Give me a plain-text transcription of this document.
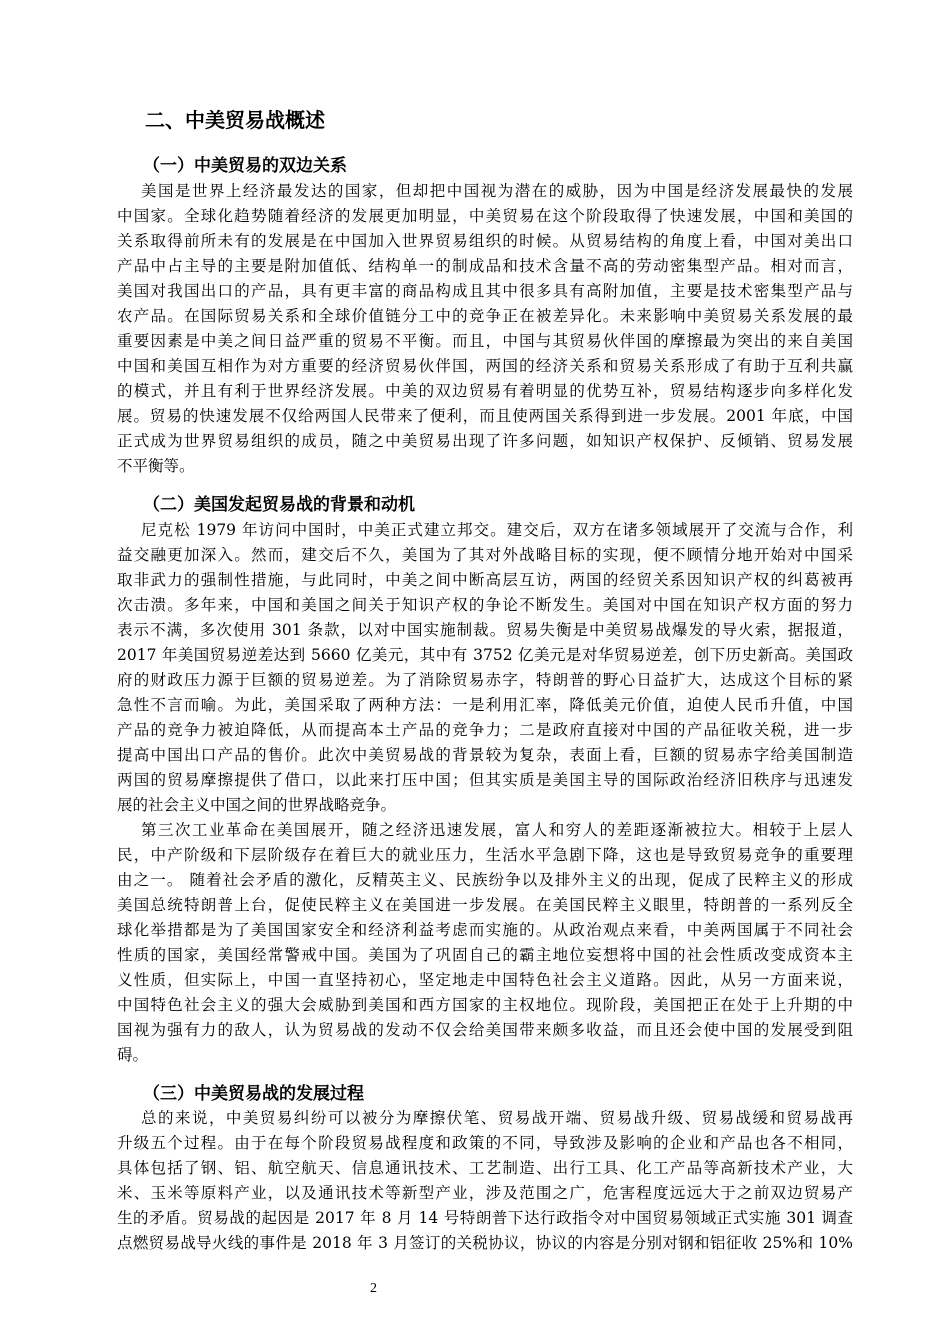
二、中美贸易战概述
（一）中美贸易的双边关系
美国是世界上经济最发达的国家，但却把中国视为潜在的威胁，因为中国是经济发展最快的发展
中国家。全球化趋势随着经济的发展更加明显，中美贸易在这个阶段取得了快速发展，中国和美国的
关系取得前所未有的发展是在中国加入世界贸易组织的时候。从贸易结构的角度上看，中国对美出口
产品中占主导的主要是附加值低、结构单一的制成品和技术含量不高的劳动密集型产品。相对而言，
美国对我国出口的产品，具有更丰富的商品构成且其中很多具有高附加值，主要是技术密集型产品与
农产品。在国际贸易关系和全球价值链分工中的竞争正在被差异化。未来影响中美贸易关系发展的最
重要因素是中美之间日益严重的贸易不平衡。而且，中国与其贸易伙伴国的摩擦最为突出的来自美国
中国和美国互相作为对方重要的经济贸易伙伴国，两国的经济关系和贸易关系形成了有助于互利共赢
的模式，并且有利于世界经济发展。中美的双边贸易有着明显的优势互补，贸易结构逐步向多样化发
展。贸易的快速发展不仅给两国人民带来了便利，而且使两国关系得到进一步发展。2001 年底，中国
正式成为世界贸易组织的成员，随之中美贸易出现了许多问题，如知识产权保护、反倾销、贸易发展
不平衡等。
（二）美国发起贸易战的背景和动机
尼克松 1979 年访问中国时，中美正式建立邦交。建交后，双方在诸多领域展开了交流与合作，利
益交融更加深入。然而，建交后不久，美国为了其对外战略目标的实现，便不顾情分地开始对中国采
取非武力的强制性措施，与此同时，中美之间中断高层互访，两国的经贸关系因知识产权的纠葛被再
次击溃。多年来，中国和美国之间关于知识产权的争论不断发生。美国对中国在知识产权方面的努力
表示不满，多次使用 301 条款，以对中国实施制裁。贸易失衡是中美贸易战爆发的导火索，据报道，
2017 年美国贸易逆差达到 5660 亿美元，其中有 3752 亿美元是对华贸易逆差，创下历史新高。美国政
府的财政压力源于巨额的贸易逆差。为了消除贸易赤字，特朗普的野心日益扩大，达成这个目标的紧
急性不言而喻。为此，美国采取了两种方法：一是利用汇率，降低美元价值，迫使人民币升值，中国
产品的竞争力被迫降低，从而提高本土产品的竞争力；二是政府直接对中国的产品征收关税，进一步
提高中国出口产品的售价。此次中美贸易战的背景较为复杂，表面上看，巨额的贸易赤字给美国制造
两国的贸易摩擦提供了借口，以此来打压中国；但其实质是美国主导的国际政治经济旧秩序与迅速发
展的社会主义中国之间的世界战略竞争。
第三次工业革命在美国展开，随之经济迅速发展，富人和穷人的差距逐渐被拉大。相较于上层人
民，中产阶级和下层阶级存在着巨大的就业压力，生活水平急剧下降，这也是导致贸易竞争的重要理
由之一。 随着社会矛盾的激化，反精英主义、民族纷争以及排外主义的出现，促成了民粹主义的形成
美国总统特朗普上台，促使民粹主义在美国进一步发展。在美国民粹主义眼里，特朗普的一系列反全
球化举措都是为了美国国家安全和经济利益考虑而实施的。从政治观点来看，中美两国属于不同社会
性质的国家，美国经常警戒中国。美国为了巩固自己的霸主地位妄想将中国的社会性质改变成资本主
义性质，但实际上，中国一直坚持初心，坚定地走中国特色社会主义道路。因此，从另一方面来说，
中国特色社会主义的强大会威胁到美国和西方国家的主权地位。现阶段，美国把正在处于上升期的中
国视为强有力的敌人，认为贸易战的发动不仅会给美国带来颇多收益，而且还会使中国的发展受到阻
碍。
（三）中美贸易战的发展过程
总的来说，中美贸易纠纷可以被分为摩擦伏笔、贸易战开端、贸易战升级、贸易战缓和贸易战再
升级五个过程。由于在每个阶段贸易战程度和政策的不同，导致涉及影响的企业和产品也各不相同，
具体包括了钢、铝、航空航天、信息通讯技术、工艺制造、出行工具、化工产品等高新技术产业，大
米、玉米等原料产业，以及通讯技术等新型产业，涉及范围之广，危害程度远远大于之前双边贸易产
生的矛盾。贸易战的起因是 2017 年 8 月 14 号特朗普下达行政指令对中国贸易领域正式实施 301 调查
点燃贸易战导火线的事件是 2018 年 3 月签订的关税协议，协议的内容是分别对钢和铝征收 25%和 10%
2
